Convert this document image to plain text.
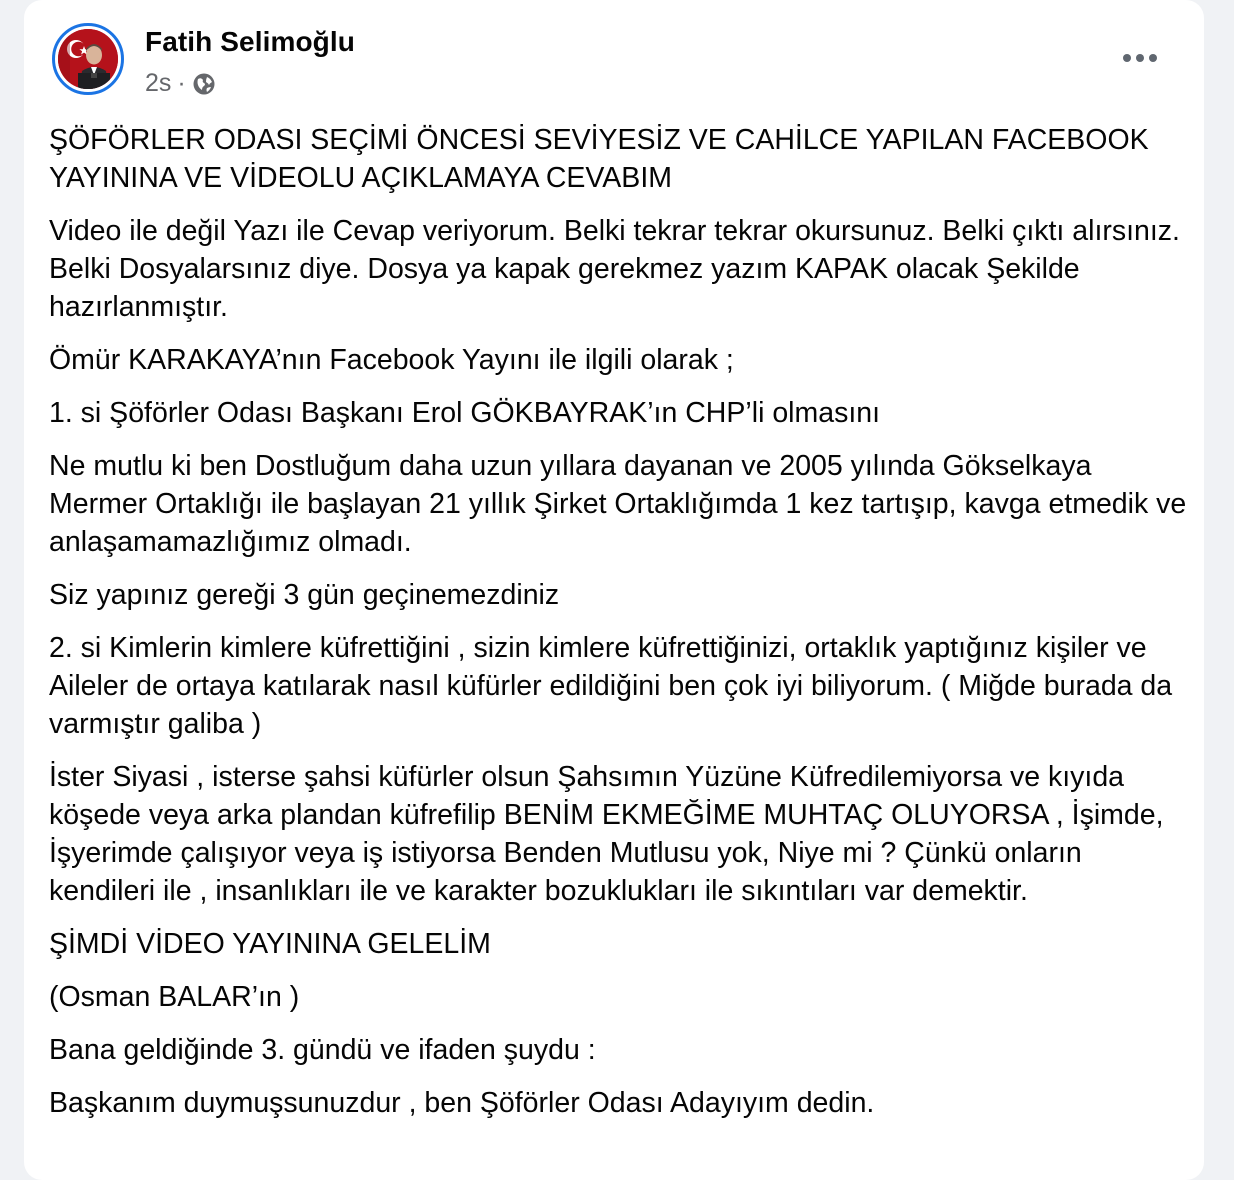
Fatih Selimoğlu
2s ·

ŞÖFÖRLER ODASI SEÇİMİ ÖNCESİ SEVİYESİZ VE CAHİLCE YAPILAN FACEBOOK YAYININA VE VİDEOLU AÇIKLAMAYA CEVABIM

Video ile değil Yazı ile Cevap veriyorum. Belki tekrar tekrar okursunuz. Belki çıktı alırsınız. Belki Dosyalarsınız diye. Dosya ya kapak gerekmez yazım KAPAK olacak Şekilde hazırlanmıştır.

Ömür KARAKAYA’nın Facebook Yayını ile ilgili olarak ;

1. si Şöförler Odası Başkanı Erol GÖKBAYRAK’ın CHP’li olmasını

Ne mutlu ki ben Dostluğum daha uzun yıllara dayanan ve 2005 yılında Gökselkaya Mermer Ortaklığı ile başlayan 21 yıllık Şirket Ortaklığımda 1 kez tartışıp, kavga etmedik ve anlaşamamazlığımız olmadı.

Siz yapınız gereği 3 gün geçinemezdiniz

2. si Kimlerin kimlere küfrettiğini , sizin kimlere küfrettiğinizi, ortaklık yaptığınız kişiler ve Aileler de ortaya katılarak nasıl küfürler edildiğini ben çok iyi biliyorum. ( Miğde burada da varmıştır galiba )

İster Siyasi , isterse şahsi küfürler olsun Şahsımın Yüzüne Küfredilemiyorsa ve kıyıda köşede veya arka plandan küfrefilip BENİM EKMEĞİME MUHTAÇ OLUYORSA , İşimde, İşyerimde çalışıyor veya iş istiyorsa Benden Mutlusu yok, Niye mi ? Çünkü onların kendileri ile , insanlıkları ile ve karakter bozuklukları ile sıkıntıları var demektir.

ŞİMDİ VİDEO YAYININA GELELİM

(Osman BALAR’ın )

Bana geldiğinde 3. gündü ve ifaden şuydu :

Başkanım duymuşsunuzdur , ben Şöförler Odası Adayıyım dedin.
